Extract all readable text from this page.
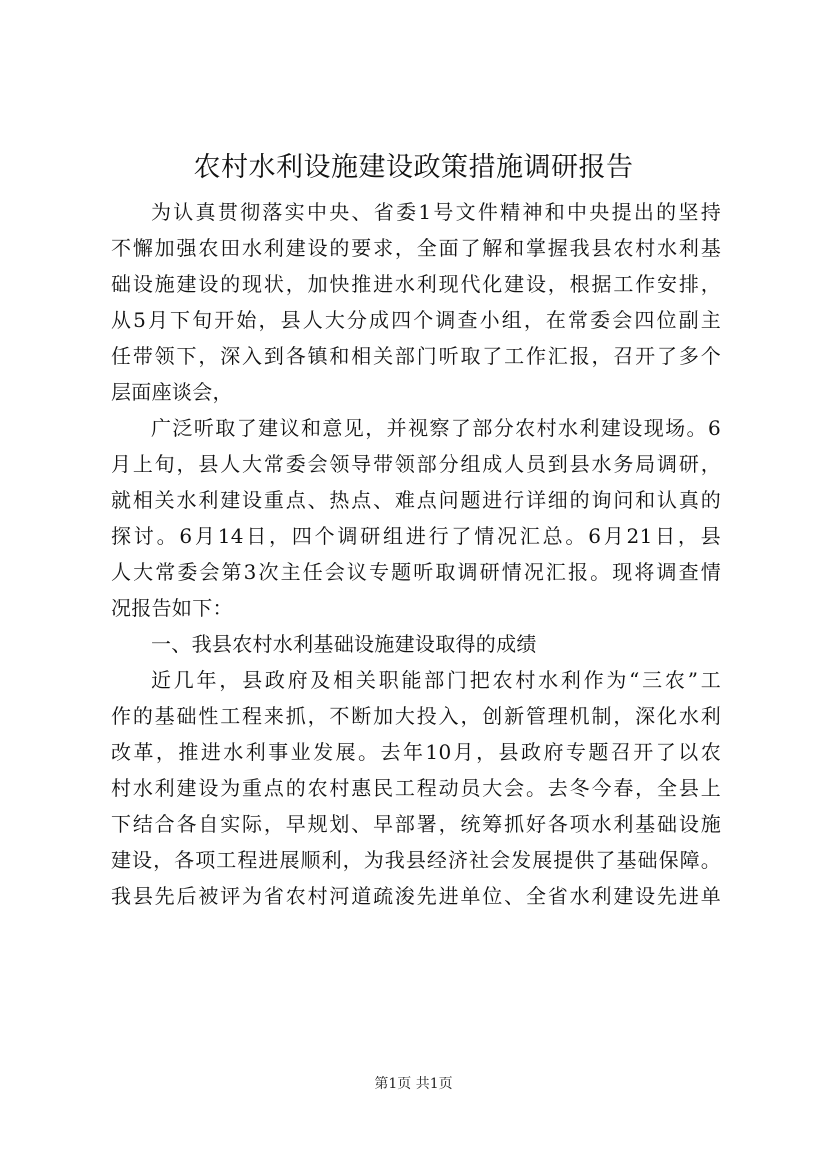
农村水利设施建设政策措施调研报告
为认真贯彻落实中央、省委1号文件精神和中央提出的坚持
不懈加强农田水利建设的要求，全面了解和掌握我县农村水利基
础设施建设的现状，加快推进水利现代化建设，根据工作安排，
从5月下旬开始，县人大分成四个调查小组，在常委会四位副主
任带领下，深入到各镇和相关部门听取了工作汇报，召开了多个
层面座谈会，
广泛听取了建议和意见，并视察了部分农村水利建设现场。6
月上旬，县人大常委会领导带领部分组成人员到县水务局调研，
就相关水利建设重点、热点、难点问题进行详细的询问和认真的
探讨。6月14日，四个调研组进行了情况汇总。6月21日，县
人大常委会第3次主任会议专题听取调研情况汇报。现将调查情
况报告如下：
一、我县农村水利基础设施建设取得的成绩
近几年，县政府及相关职能部门把农村水利作为“三农”工
作的基础性工程来抓，不断加大投入，创新管理机制，深化水利
改革，推进水利事业发展。去年10月，县政府专题召开了以农
村水利建设为重点的农村惠民工程动员大会。去冬今春，全县上
下结合各自实际，早规划、早部署，统筹抓好各项水利基础设施
建设，各项工程进展顺利，为我县经济社会发展提供了基础保障。
我县先后被评为省农村河道疏浚先进单位、全省水利建设先进单
第1页 共1页
